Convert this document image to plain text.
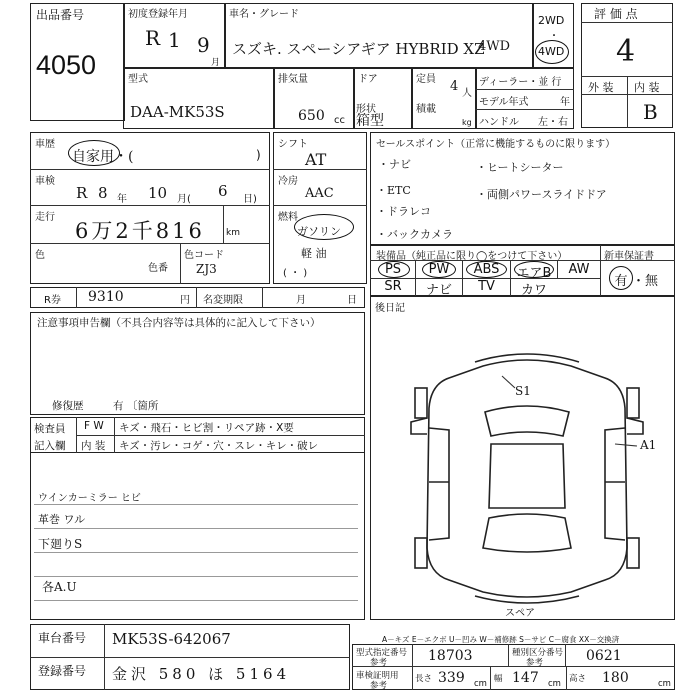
出品番号
4050
初度登録年月
R 1 9
月
車名・グレード
スズキ. スペーシアギア HYBRID XZ
4WD
2WD
・
4WD
評 価 点
4
外 装 内 装
B
型式
DAA-MK53S
排気量
650 cc
ドア
形状
箱型
定員 4 人
積載
kg
ディーラー・並 行
モデル年式	年
ハンドル 左・右
車歴
自家用・(	)
車検
R 8 年 10 月( 6 日)
走行
6万2千816 km
色
色番
色コード
ZJ3
シフト
AT
冷房
AAC
燃料
ガソリン
軽 油
( ・ )
セールスポイント（正常に機能するものに限ります）
・ナビ	・ヒートシーター
・ETC	・両側パワースライドドア
・ドラレコ
・バックカメラ
装備品（純正品に限り◯をつけて下さい）	新車保証書
PS	PW	ABS	エアB	AW
SR	ナビ	TV	カワ
有 ・無
R券 9310	円 名変期限	月	日
注意事項申告欄（不具合内容等は具体的に記入して下さい）
修復歴	有 〔箇所
検査員
記入欄
F W キズ・飛石・ヒビ割・リペア跡・X要
内 装 キズ・汚レ・コゲ・穴・スレ・キレ・破レ
ウインカーミラー ヒビ
革巻 ワル
下廻りS
各A.U
後日記
S1
A1
スペア
車台番号 MK53S-642067
登録番号 金沢 580 ほ 5164
A－キズ E－エクボ U－凹み W－補修跡 S－サビ C－腐食 XX－交換済
型式指定番号
参考	18703	種別区分番号
参考	0621
車検証明用
参考
長さ 339 cm 幅 147 cm 高さ 180	cm
